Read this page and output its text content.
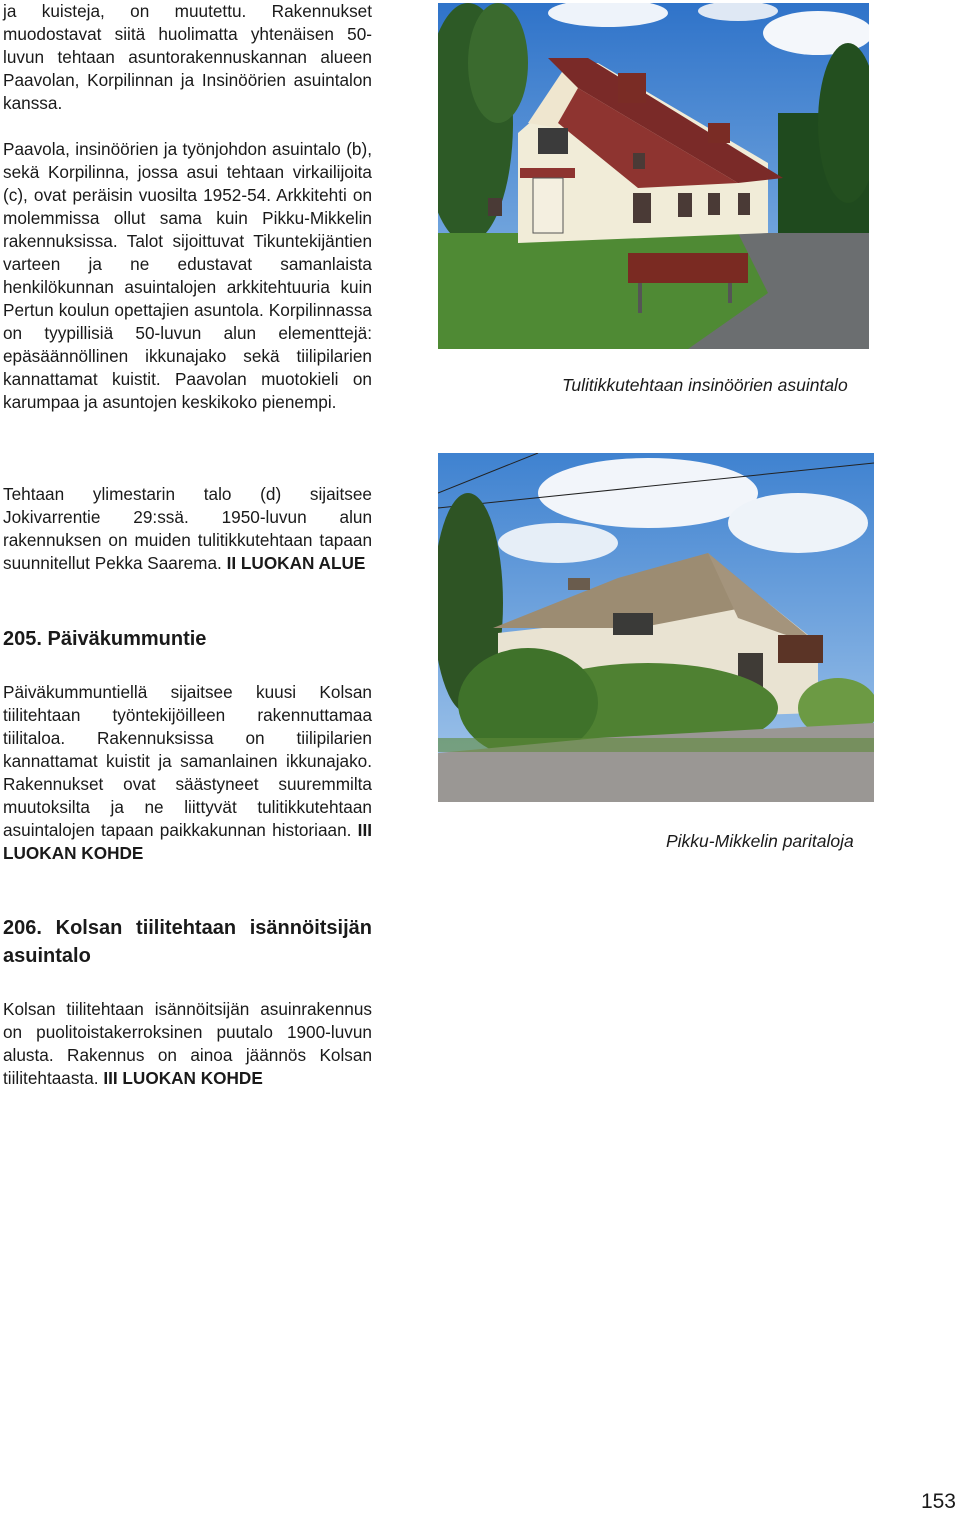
ja kuisteja, on muutettu. Rakennukset muodostavat siitä huolimatta yhtenäisen 50-luvun tehtaan asuntorakennuskannan alueen Paavolan, Korpilinnan ja Insinöörien asuintalon kanssa.

Paavola, insinöörien ja työnjohdon asuintalo (b), sekä Korpilinna, jossa asui tehtaan virkailijoita (c), ovat peräisin vuosilta 1952-54. Arkkitehti on molemmissa ollut sama kuin Pikku-Mikkelin rakennuksissa. Talot sijoittuvat Tikuntekijäntien varteen ja ne edustavat samanlaista henkilökunnan asuintalojen arkkitehtuuria kuin Pertun koulun opettajien asuntola. Korpilinnassa on tyypillisiä 50-luvun alun elementtejä: epäsäännöllinen ikkunajako sekä tiilipilarien kannattamat kuistit. Paavolan muotokieli on karumpaa ja asuntojen keskikoko pienempi.

Tehtaan ylimestarin talo (d) sijaitsee Jokivarrentie 29:ssä. 1950-luvun alun rakennuksen on muiden tulitikkutehtaan tapaan suunnitellut Pekka Saarema. II LUOKAN ALUE

205. Päiväkummuntie

Päiväkummuntiellä sijaitsee kuusi Kolsan tiilitehtaan työntekijöilleen rakennuttamaa tiilitaloa. Rakennuksissa on tiilipilarien kannattamat kuistit ja samanlainen ikkunajako. Rakennukset ovat säästyneet suuremmilta muutoksilta ja ne liittyvät tulitikkutehtaan asuintalojen tapaan paikkakunnan historiaan. III LUOKAN KOHDE

206. Kolsan tiilitehtaan isännöitsijän asuintalo

Kolsan tiilitehtaan isännöitsijän asuinrakennus on puolitoistakerroksinen puutalo 1900-luvun alusta. Rakennus on ainoa jäännös Kolsan tiilitehtaasta. III LUOKAN KOHDE

Tulitikkutehtaan insinöörien asuintalo
Pikku-Mikkelin paritaloja
153
